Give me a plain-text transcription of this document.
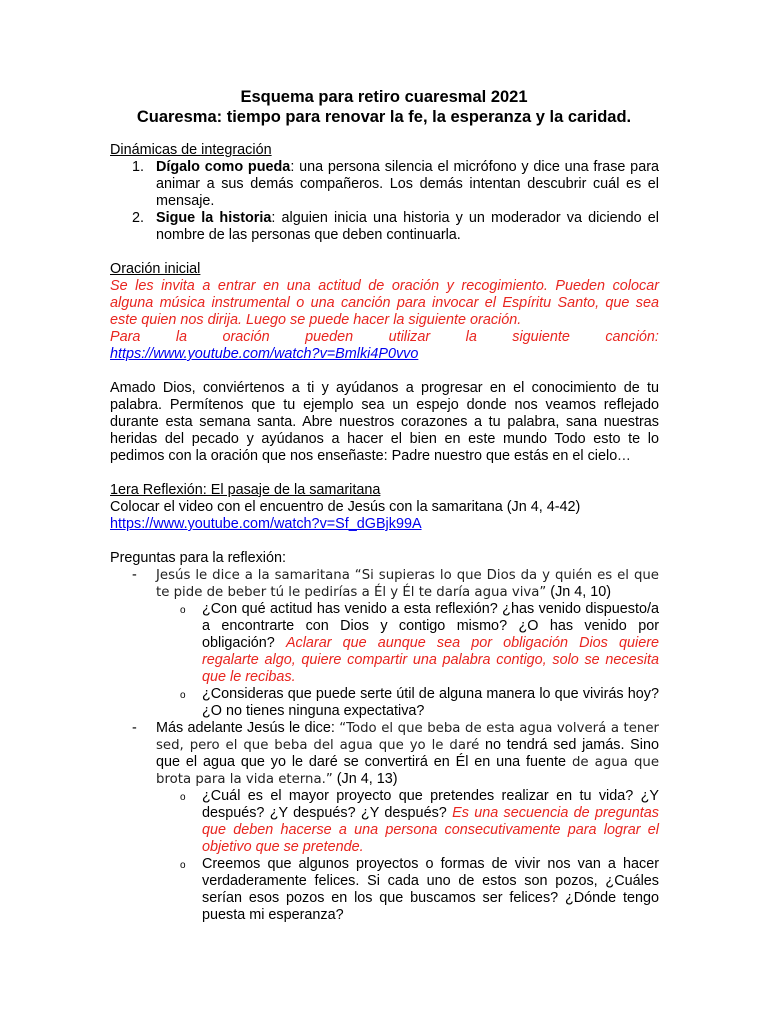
Esquema para retiro cuaresmal 2021
Cuaresma: tiempo para renovar la fe, la esperanza y la caridad.

Dinámicas de integración

1. Dígalo como pueda: una persona silencia el micrófono y dice una frase para animar a sus demás compañeros. Los demás intentan descubrir cuál es el mensaje.
2. Sigue la historia: alguien inicia una historia y un moderador va diciendo el nombre de las personas que deben continuarla.

Oración inicial

Se les invita a entrar en una actitud de oración y recogimiento. Pueden colocar alguna música instrumental o una canción para invocar el Espíritu Santo, que sea este quien nos dirija. Luego se puede hacer la siguiente oración.

Para la oración pueden utilizar la siguiente canción:

https://www.youtube.com/watch?v=Bmlki4P0vvo

Amado Dios, conviértenos a ti y ayúdanos a progresar en el conocimiento de tu palabra. Permítenos que tu ejemplo sea un espejo donde nos veamos reflejado durante esta semana santa. Abre nuestros corazones a tu palabra, sana nuestras heridas del pecado y ayúdanos a hacer el bien en este mundo Todo esto te lo pedimos con la oración que nos enseñaste: Padre nuestro que estás en el cielo…

1era Reflexión: El pasaje de la samaritana

Colocar el video con el encuentro de Jesús con la samaritana (Jn 4, 4-42)

https://www.youtube.com/watch?v=Sf_dGBjk99A

Preguntas para la reflexión:

- Jesús le dice a la samaritana “Si supieras lo que Dios da y quién es el que te pide de beber tú le pedirías a Él y Él te daría agua viva” (Jn 4, 10)

o ¿Con qué actitud has venido a esta reflexión? ¿has venido dispuesto/a a encontrarte con Dios y contigo mismo? ¿O has venido por obligación? Aclarar que aunque sea por obligación Dios quiere regalarte algo, quiere compartir una palabra contigo, solo se necesita que le recibas.

o ¿Consideras que puede serte útil de alguna manera lo que vivirás hoy? ¿O no tienes ninguna expectativa?

- Más adelante Jesús le dice: “Todo el que beba de esta agua volverá a tener sed, pero el que beba del agua que yo le daré no tendrá sed jamás. Sino que el agua que yo le daré se convertirá en Él en una fuente de agua que brota para la vida eterna.” (Jn 4, 13)

o ¿Cuál es el mayor proyecto que pretendes realizar en tu vida? ¿Y después? ¿Y después? ¿Y después? Es una secuencia de preguntas que deben hacerse a una persona consecutivamente para lograr el objetivo que se pretende.

o Creemos que algunos proyectos o formas de vivir nos van a hacer verdaderamente felices. Si cada uno de estos son pozos, ¿Cuáles serían esos pozos en los que buscamos ser felices? ¿Dónde tengo puesta mi esperanza?
